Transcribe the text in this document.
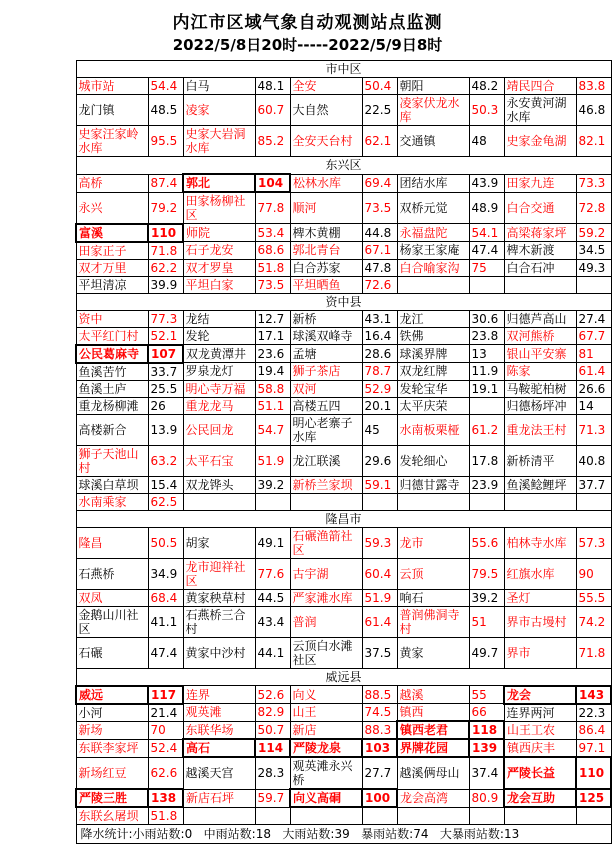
内江市区域气象自动观测站点监测
2022/5/8日20时-----2022/5/9日8时
市中区									
城市站	54.4	白马	48.1	全安	50.4	朝阳	48.2	靖民四合	83.8
龙门镇	48.5	凌家	60.7	大自然	22.5	凌家伏龙水库	50.3	永安黄河湖水库	46.8
史家汪家岭水库	95.5	史家大岩洞水库	85.2	全安天台村	62.1	交通镇	48	史家金龟湖	82.1
东兴区									
高桥	87.4	郭北	104	松林水库	69.4	团结水库	43.9	田家九连	73.3
永兴	79.2	田家杨柳社区	77.8	顺河	73.5	双桥元觉	48.9	白合交通	72.8
富溪	110	师院	53.4	椑木黄棚	44.8	永福盘陀	54.1	高梁蒋家坪	59.2
田家正子	71.8	石子龙安	68.6	郭北青台	67.1	杨家王家庵	47.4	椑木新渡	34.5
双才万里	62.2	双才罗皇	51.8	白合苏家	47.8	白合喻家沟	75	白合石冲	49.3
平坦清凉	39.9	平坦白家	73.5	平坦晒鱼	72.6				
资中县									
资中	77.3	龙结	12.7	新桥	43.1	龙江	30.6	归德芦高山	27.4
太平红门村	52.1	发轮	17.1	球溪双峰寺	16.4	铁佛	23.8	双河熊桥	67.7
公民葛麻寺	107	双龙黄潭井	23.6	孟塘	28.6	球溪界牌	13	银山平安寨	81
鱼溪苦竹	33.7	罗泉龙灯	19.4	狮子茶店	78.7	双龙红牌	11.9	陈家	61.4
鱼溪土庐	25.5	明心寺万福	58.8	双河	52.9	发轮宝华	19.1	马鞍驼柏树	26.6
重龙杨柳滩	26	重龙龙马	51.1	高楼五四	20.1	太平庆荣		归德杨坪冲	14
高楼新合	13.9	公民回龙	54.7	明心老寨子水库	45	水南板栗桠	61.2	重龙法王村	71.3
狮子天池山村	63.2	太平石宝	51.9	龙江联溪	29.6	发轮细心	17.8	新桥清平	40.8
球溪白草坝	15.4	双龙铧头	39.2	新桥兰家坝	59.1	归德甘露寺	23.9	鱼溪鲶鲤坪	37.7
水南乘家	62.5								
隆昌市									
隆昌	50.5	胡家	49.1	石碾渔箭社区	59.3	龙市	55.6	柏林寺水库	57.3
石燕桥	34.9	龙市迎祥社区	77.6	古宇湖	60.4	云顶	79.5	红旗水库	90
双凤	68.4	黄家秧草村	44.5	严家滩水库	51.9	响石	39.2	圣灯	55.5
金鹅山川社区	41.1	石燕桥三合村	43.4	普润	61.4	普润佛洞寺村	51	界市古墁村	74.2
石碾	47.4	黄家中沙村	44.1	云顶白水滩社区	37.5	黄家	49.7	界市	71.8
威远县									
威远	117	连界	52.6	向义	88.5	越溪	55	龙会	143
小河	21.4	观英滩	82.9	山王	74.5	镇西	66	连界两河	22.3
新场	70	东联华场	50.7	新店	88.3	镇西老君	118	山王工农	86.4
东联李家坪	52.4	高石	114	严陵龙泉	103	界牌花园	139	镇西庆丰	97.1
新场红豆	62.6	越溪天宫	28.3	观英滩永兴桥	27.7	越溪俩母山	37.4	严陵长益	110
严陵三胜	138	新店石坪	59.7	向义高硐	100	龙会高湾	80.9	龙会互助	125
东联幺屠坝	51.8								
降水统计:小雨站数:0   中雨站数:18   大雨站数:39   暴雨站数:74   大暴雨站数:13									
